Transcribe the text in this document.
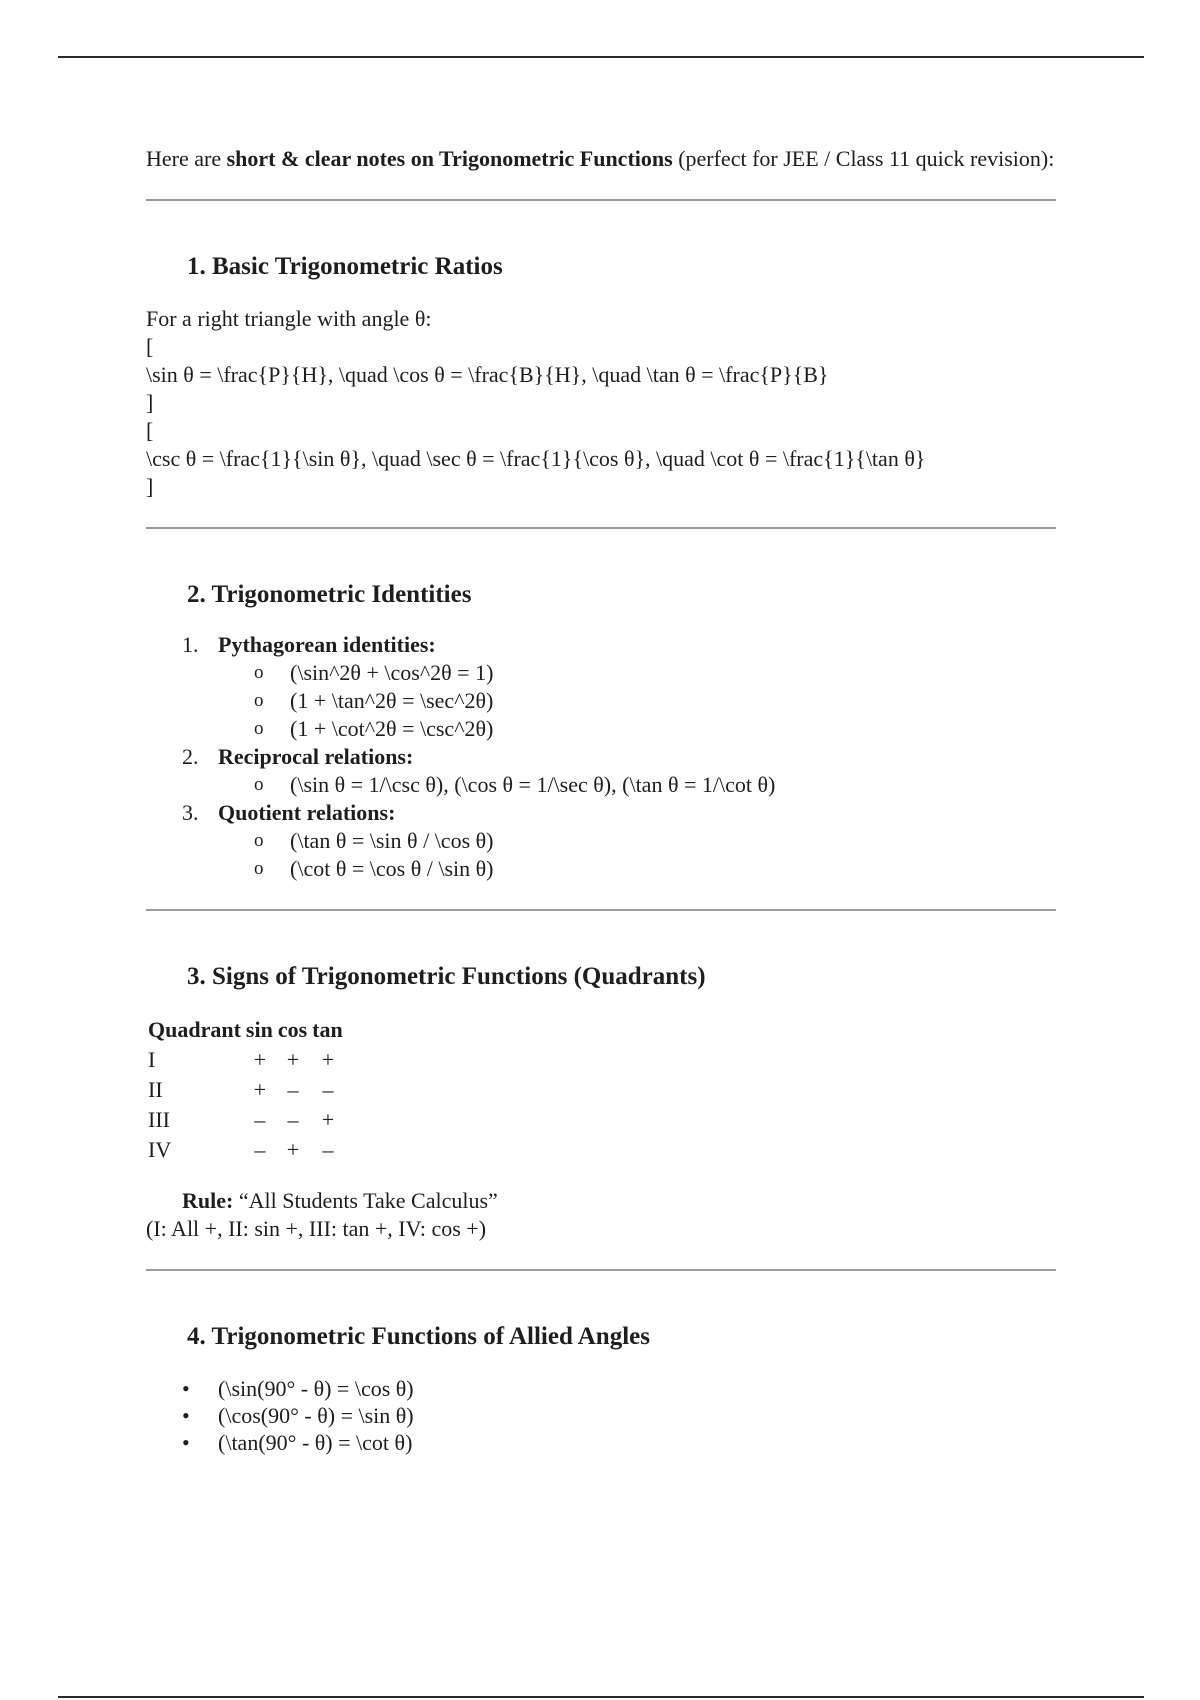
Here are short & clear notes on Trigonometric Functions (perfect for JEE / Class 11 quick revision):

1. Basic Trigonometric Ratios
For a right triangle with angle θ:
[
\sin θ = \frac{P}{H}, \quad \cos θ = \frac{B}{H}, \quad \tan θ = \frac{P}{B}
]
[
\csc θ = \frac{1}{\sin θ}, \quad \sec θ = \frac{1}{\cos θ}, \quad \cot θ = \frac{1}{\tan θ}
]
2. Trigonometric Identities
1. Pythagorean identities:
o (\sin^2θ + \cos^2θ = 1)
o (1 + \tan^2θ = \sec^2θ)
o (1 + \cot^2θ = \csc^2θ)
2. Reciprocal relations:
o (\sin θ = 1/\csc θ), (\cos θ = 1/\sec θ), (\tan θ = 1/\cot θ)
3. Quotient relations:
o (\tan θ = \sin θ / \cos θ)
o (\cot θ = \cos θ / \sin θ)
3. Signs of Trigonometric Functions (Quadrants)
Quadrant	sin	cos	tan
I	+	+	+
II	+	–	–
III	–	–	+
IV	–	+	–
Rule: “All Students Take Calculus”
(I: All +, II: sin +, III: tan +, IV: cos +)
4. Trigonometric Functions of Allied Angles
• (\sin(90° - θ) = \cos θ)
• (\cos(90° - θ) = \sin θ)
• (\tan(90° - θ) = \cot θ)
